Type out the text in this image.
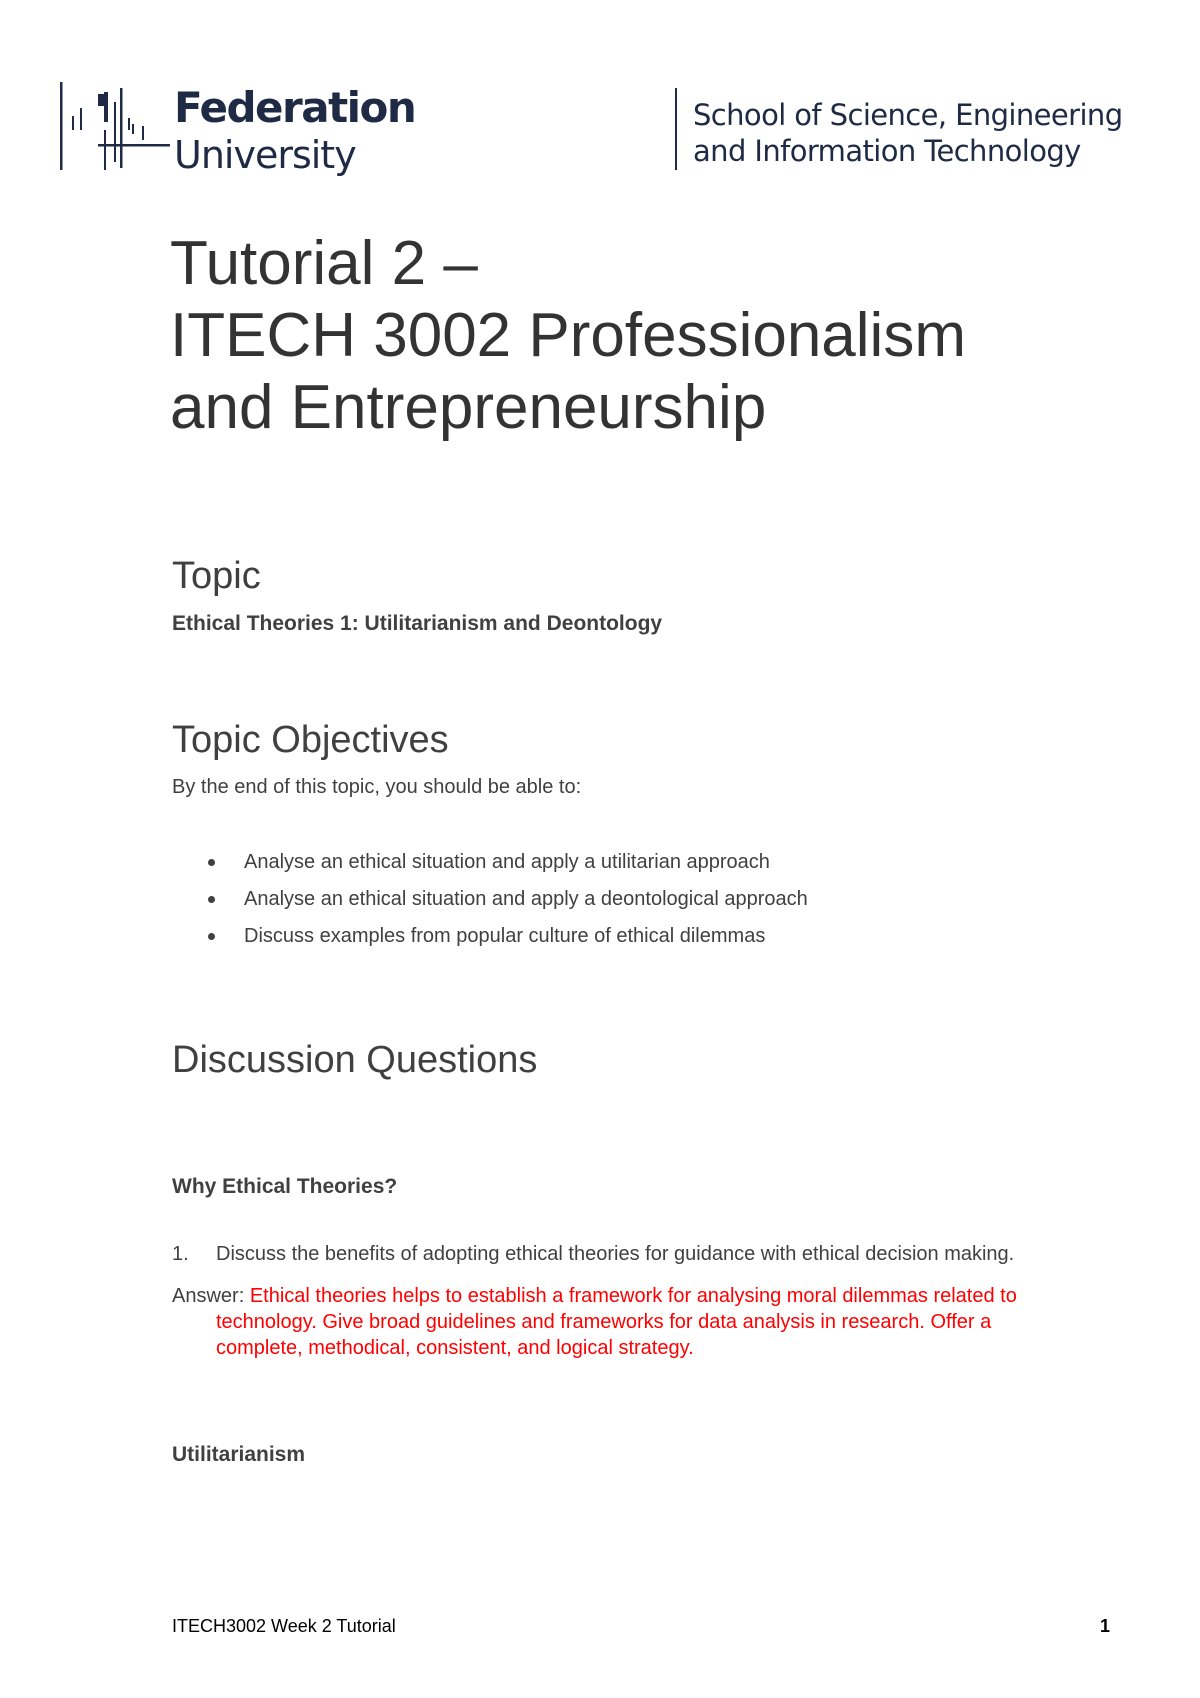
Federation
University
School of Science, Engineering
and Information Technology
Tutorial 2 –
ITECH 3002 Professionalism
and Entrepreneurship
Topic
Ethical Theories 1: Utilitarianism and Deontology
Topic Objectives
By the end of this topic, you should be able to:
Analyse an ethical situation and apply a utilitarian approach
Analyse an ethical situation and apply a deontological approach
Discuss examples from popular culture of ethical dilemmas
Discussion Questions
Why Ethical Theories?
1. Discuss the benefits of adopting ethical theories for guidance with ethical decision making.
Answer: Ethical theories helps to establish a framework for analysing moral dilemmas related to
technology. Give broad guidelines and frameworks for data analysis in research. Offer a
complete, methodical, consistent, and logical strategy.
Utilitarianism
ITECH3002 Week 2 Tutorial	1
